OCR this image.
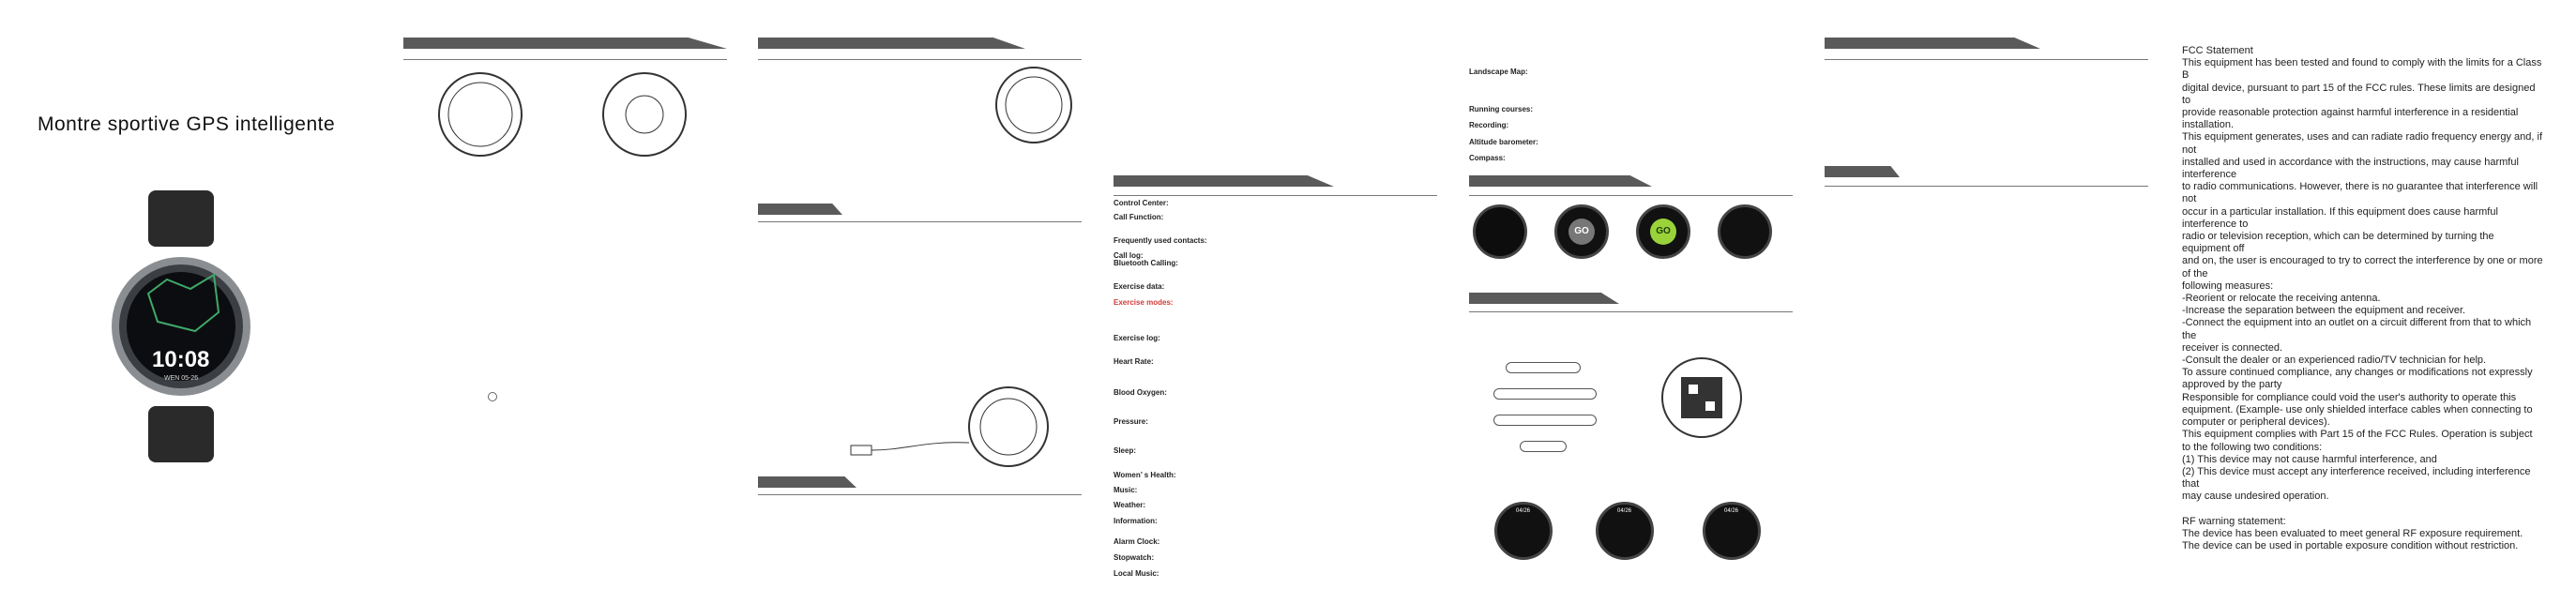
Montre sportive GPS intelligente
10:08
WEN 05-26
Control Center:
Call Function:
Frequently used contacts:
Call log:
Bluetooth Calling:
Exercise data:
Exercise modes:
Exercise log:
Heart Rate:
Blood Oxygen:
Pressure:
Sleep:
Women’ s Health:
Music:
Weather:
Information:
Alarm Clock:
Stopwatch:
Local Music:
Landscape Map:
Running courses:
Recording:
Altitude barometer:
Compass:
GO	GO
04/26	04/26	04/26
FCC Statement
This equipment has been tested and found to comply with the limits for a Class B
digital device, pursuant to part 15 of the FCC rules. These limits are designed to
provide reasonable protection against harmful interference in a residential installation.
This equipment generates, uses and can radiate radio frequency energy and, if not
installed and used in accordance with the instructions, may cause harmful interference
to radio communications. However, there is no guarantee that interference will not
occur in a particular installation. If this equipment does cause harmful interference to
radio or television reception, which can be determined by turning the equipment off
and on, the user is encouraged to try to correct the interference by one or more of the
following measures:
-Reorient or relocate the receiving antenna.
-Increase the separation between the equipment and receiver.
-Connect the equipment into an outlet on a circuit different from that to which the
receiver is connected.
-Consult the dealer or an experienced radio/TV technician for help.
To assure continued compliance, any changes or modifications not expressly approved by the party
Responsible for compliance could void the user's authority to operate this equipment. (Example- use only shielded interface cables when connecting to computer or peripheral devices).
This equipment complies with Part 15 of the FCC Rules. Operation is subject to the following two conditions:
(1) This device may not cause harmful interference, and
(2) This device must accept any interference received, including interference that
may cause undesired operation.
RF warning statement:
The device has been evaluated to meet general RF exposure requirement.
The device can be used in portable exposure condition without restriction.
